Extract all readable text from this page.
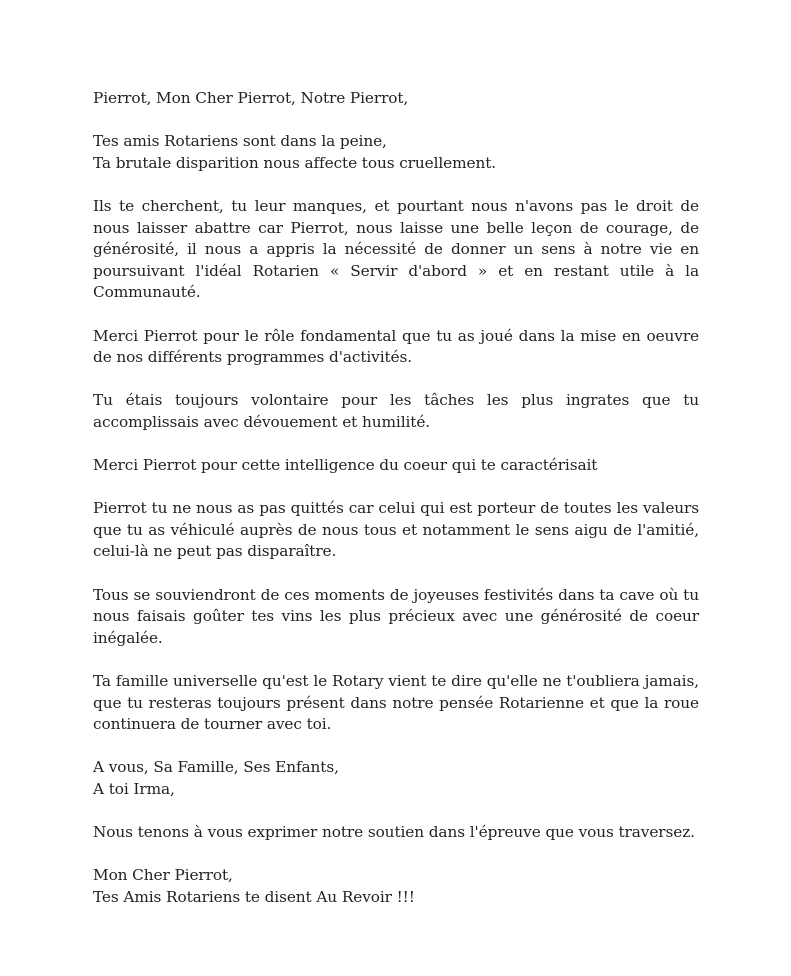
Pierrot, Mon Cher Pierrot, Notre Pierrot,

Tes amis Rotariens sont dans la peine,
Ta brutale disparition nous affecte tous cruellement.

Ils te cherchent, tu leur manques, et pourtant nous n'avons pas le droit de nous laisser abattre car Pierrot, nous laisse une belle leçon de courage, de générosité, il nous a appris la nécessité de donner un sens à notre vie en poursuivant l'idéal Rotarien « Servir d'abord » et en restant utile à la Communauté.

Merci Pierrot pour le rôle fondamental que tu as joué dans la mise en oeuvre de nos différents programmes d'activités.

Tu étais toujours volontaire pour les tâches les plus ingrates que tu accomplissais avec dévouement et humilité.

Merci Pierrot pour cette intelligence du coeur qui te caractérisait

Pierrot tu ne nous as pas quittés car celui qui est porteur de toutes les valeurs que tu as véhiculé auprès de nous tous et notamment le sens aigu de l'amitié, celui-là ne peut pas disparaître.

Tous se souviendront de ces moments de joyeuses festivités dans ta cave où tu nous faisais goûter tes vins les plus précieux avec une générosité de coeur inégalée.

Ta famille universelle qu'est le Rotary vient te dire qu'elle ne t'oubliera jamais, que tu resteras toujours présent dans notre pensée Rotarienne et que la roue continuera de tourner avec toi.

A vous, Sa Famille, Ses Enfants,
A toi Irma,

Nous tenons à vous exprimer notre soutien dans l'épreuve que vous traversez.

Mon Cher Pierrot,
Tes Amis Rotariens te disent Au Revoir !!!
